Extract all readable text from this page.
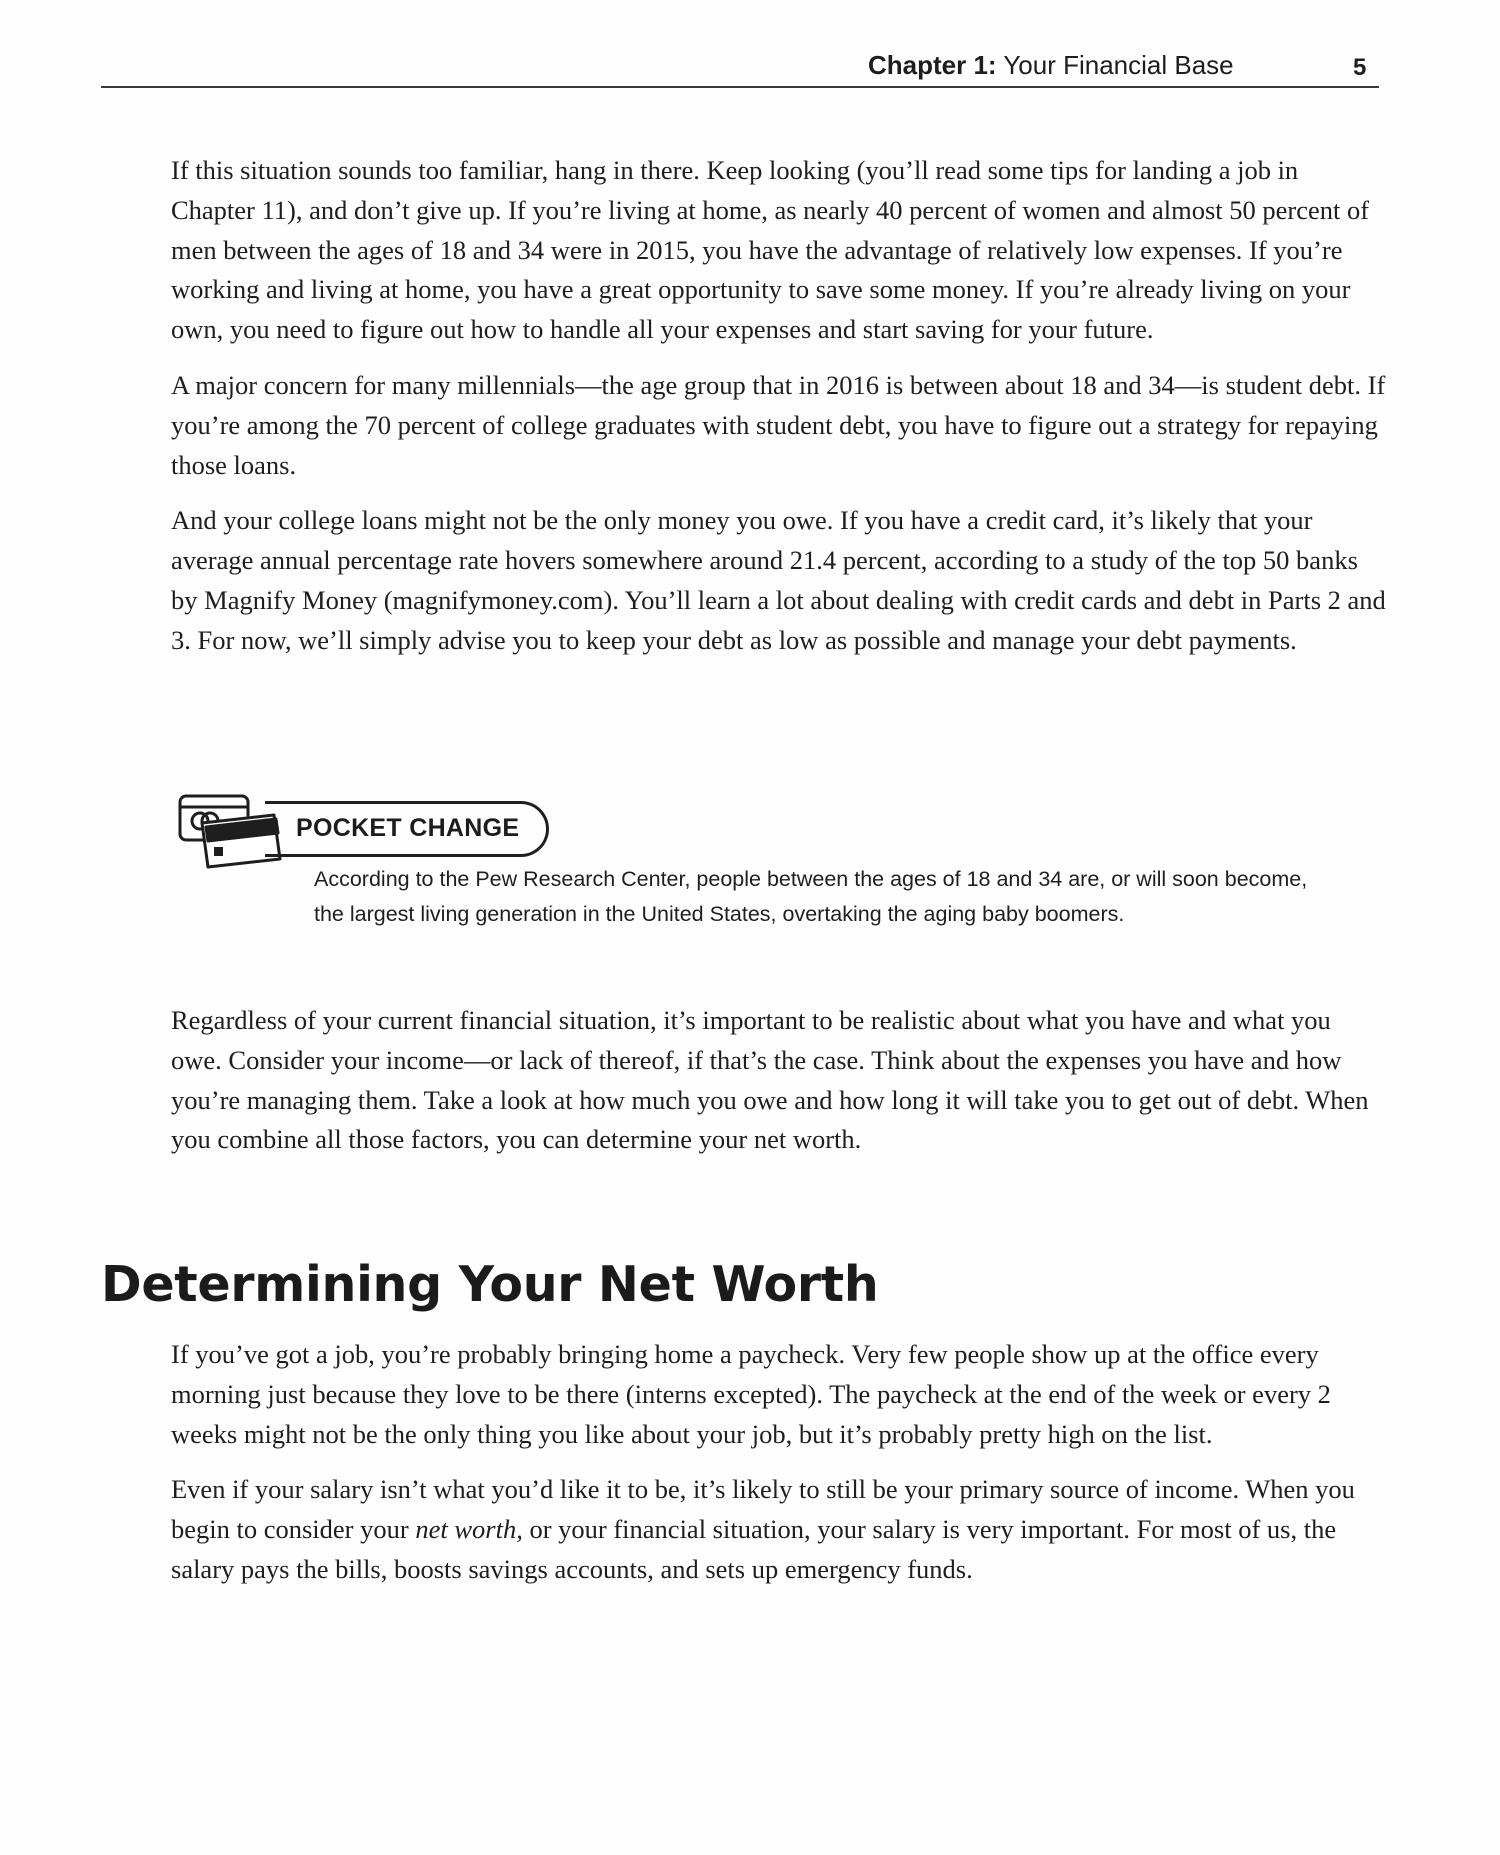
Chapter 1: Your Financial Base	5

If this situation sounds too familiar, hang in there. Keep looking (you’ll read some tips for landing a job in Chapter 11), and don’t give up. If you’re living at home, as nearly 40 percent of women and almost 50 percent of men between the ages of 18 and 34 were in 2015, you have the advantage of relatively low expenses. If you’re working and living at home, you have a great opportunity to save some money. If you’re already living on your own, you need to figure out how to handle all your expenses and start saving for your future.

A major concern for many millennials—the age group that in 2016 is between about 18 and 34—is student debt. If you’re among the 70 percent of college graduates with student debt, you have to figure out a strategy for repaying those loans.

And your college loans might not be the only money you owe. If you have a credit card, it’s likely that your average annual percentage rate hovers somewhere around 21.4 percent, according to a study of the top 50 banks by Magnify Money (magnifymoney.com). You’ll learn a lot about dealing with credit cards and debt in Parts 2 and 3. For now, we’ll simply advise you to keep your debt as low as possible and manage your debt payments.

POCKET CHANGE
According to the Pew Research Center, people between the ages of 18 and 34 are, or will soon become, the largest living generation in the United States, overtaking the aging baby boomers.

Regardless of your current financial situation, it’s important to be realistic about what you have and what you owe. Consider your income—or lack of thereof, if that’s the case. Think about the expenses you have and how you’re managing them. Take a look at how much you owe and how long it will take you to get out of debt. When you combine all those factors, you can determine your net worth.

Determining Your Net Worth

If you’ve got a job, you’re probably bringing home a paycheck. Very few people show up at the office every morning just because they love to be there (interns excepted). The paycheck at the end of the week or every 2 weeks might not be the only thing you like about your job, but it’s probably pretty high on the list.

Even if your salary isn’t what you’d like it to be, it’s likely to still be your primary source of income. When you begin to consider your net worth, or your financial situation, your salary is very important. For most of us, the salary pays the bills, boosts savings accounts, and sets up emergency funds.
